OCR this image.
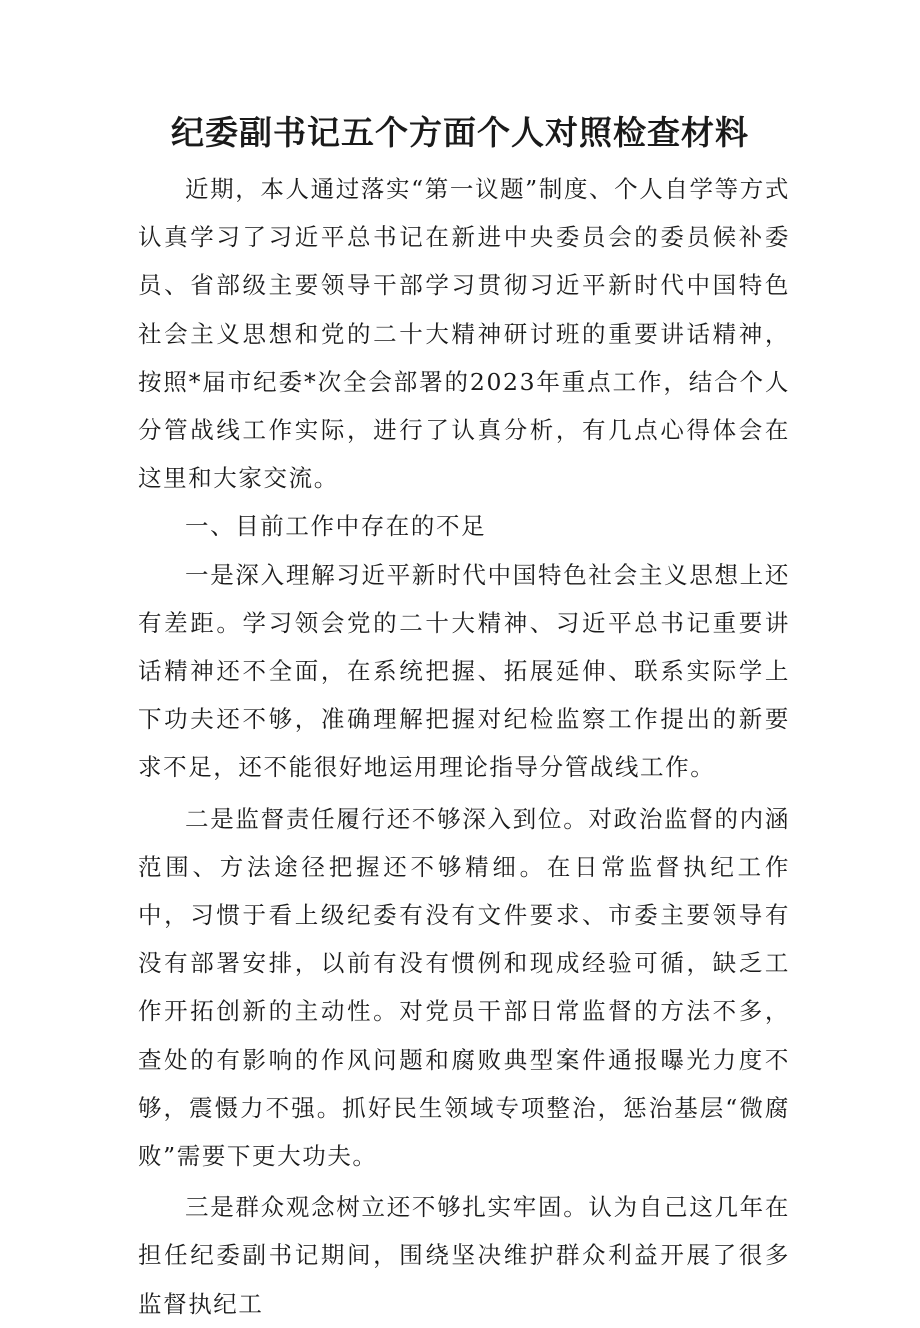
纪委副书记五个方面个人对照检查材料

近期，本人通过落实“第一议题”制度、个人自学等方式认真学习了习近平总书记在新进中央委员会的委员候补委员、省部级主要领导干部学习贯彻习近平新时代中国特色社会主义思想和党的二十大精神研讨班的重要讲话精神，按照*届市纪委*次全会部署的2023年重点工作，结合个人分管战线工作实际，进行了认真分析，有几点心得体会在这里和大家交流。

一、目前工作中存在的不足

一是深入理解习近平新时代中国特色社会主义思想上还有差距。学习领会党的二十大精神、习近平总书记重要讲话精神还不全面，在系统把握、拓展延伸、联系实际学上下功夫还不够，准确理解把握对纪检监察工作提出的新要求不足，还不能很好地运用理论指导分管战线工作。

二是监督责任履行还不够深入到位。对政治监督的内涵范围、方法途径把握还不够精细。在日常监督执纪工作中，习惯于看上级纪委有没有文件要求、市委主要领导有没有部署安排，以前有没有惯例和现成经验可循，缺乏工作开拓创新的主动性。对党员干部日常监督的方法不多，查处的有影响的作风问题和腐败典型案件通报曝光力度不够，震慑力不强。抓好民生领域专项整治，惩治基层“微腐败”需要下更大功夫。

三是群众观念树立还不够扎实牢固。认为自己这几年在担任纪委副书记期间，围绕坚决维护群众利益开展了很多监督执纪工
